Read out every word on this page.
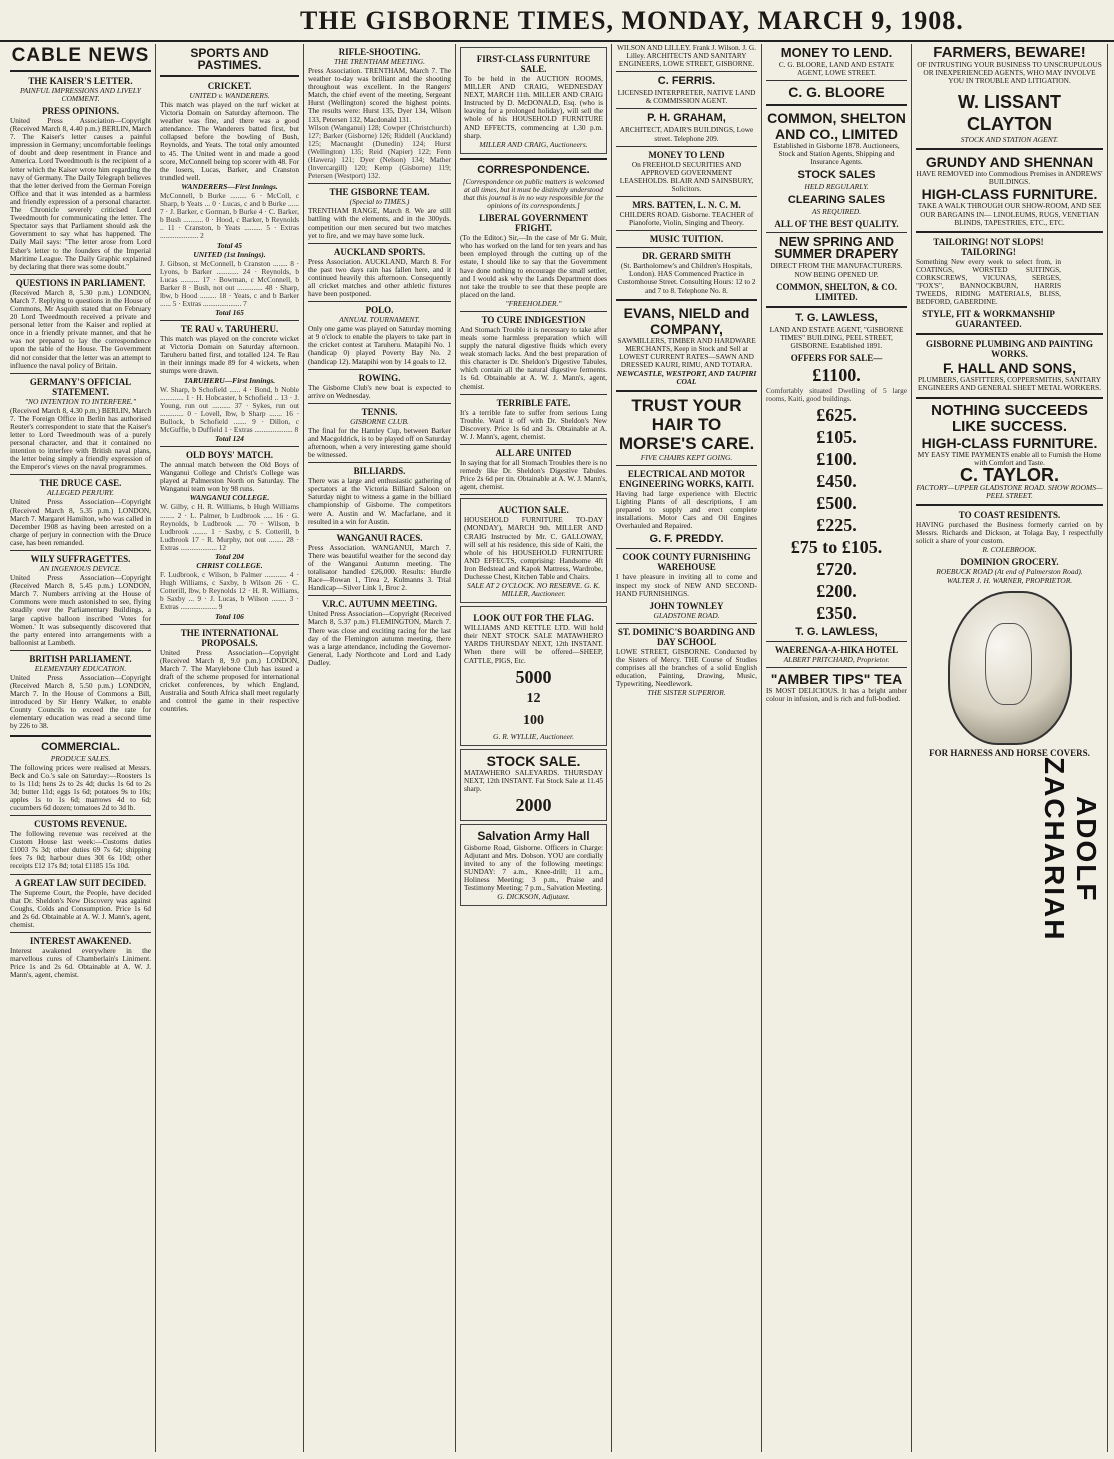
THE GISBORNE TIMES, MONDAY, MARCH 9, 1908.
CABLE NEWS
THE KAISER'S LETTER.
PAINFUL IMPRESSIONS AND LIVELY COMMENT.
PRESS OPINIONS.

United Press Association—Copyright (Received March 8, 4.40 p.m.) BERLIN, March 7. The Kaiser's letter causes a painful impression in Germany; uncomfortable feelings of doubt and deep resentment in France and America. Lord Tweedmouth is the recipient of a letter which the Kaiser wrote him regarding the navy of Germany. The Daily Telegraph believes that the letter derived from the German Foreign Office and that it was intended as a harmless and friendly expression of a personal character. The Chronicle severely criticised Lord Tweedmouth for communicating the letter. The Spectator says that Parliament should ask the Government to say what has happened. The Daily Mail says: "The letter arose from Lord Esher's letter to the founders of the Imperial Maritime League. The Daily Graphic explained by declaring that there was some doubt."

QUESTIONS IN PARLIAMENT.

(Received March 8, 5.30 p.m.) LONDON, March 7. Replying to questions in the House of Commons, Mr Asquith stated that on February 20 Lord Tweedmouth received a private and personal letter from the Kaiser and replied at once in a friendly private manner, and that he was not prepared to lay the correspondence upon the table of the House. The Government did not consider that the letter was an attempt to influence the naval policy of Britain.

GERMANY'S OFFICIAL STATEMENT.
"NO INTENTION TO INTERFERE."

(Received March 8, 4.30 p.m.) BERLIN, March 7. The Foreign Office in Berlin has authorised Reuter's correspondent to state that the Kaiser's letter to Lord Tweedmouth was of a purely personal character, and that it contained no intention to interfere with British naval plans, the letter being simply a friendly expression of the Emperor's views on the naval programmes.

THE DRUCE CASE.
ALLEGED PERJURY.

United Press Association—Copyright (Received March 8, 5.35 p.m.) LONDON, March 7. Margaret Hamilton, who was called in December 1908 as having been arrested on a charge of perjury in connection with the Druce case, has been remanded.

WILY SUFFRAGETTES.
AN INGENIOUS DEVICE.

United Press Association—Copyright (Received March 8, 5.45 p.m.) LONDON, March 7. Numbers arriving at the House of Commons were much astonished to see, flying steadily over the Parliamentary Buildings, a large captive balloon inscribed 'Votes for Women.' It was subsequently discovered that the party entered into arrangements with a balloonist at Lambeth.

BRITISH PARLIAMENT.
ELEMENTARY EDUCATION.

United Press Association—Copyright (Received March 8, 5.50 p.m.) LONDON, March 7. In the House of Commons a Bill, introduced by Sir Henry Walker, to enable County Councils to exceed the rate for elementary education was read a second time by 226 to 38.

COMMERCIAL.
PRODUCE SALES.

The following prices were realised at Messrs. Beck and Co.'s sale on Saturday:—Roosters 1s to 1s 11d; hens 2s to 2s 4d; ducks 1s 6d to 2s 3d; butter 11d; eggs 1s 6d; potatoes 9s to 10s; apples 1s to 1s 6d; marrows 4d to 6d; cucumbers 6d dozen; tomatoes 2d to 3d lb.

CUSTOMS REVENUE.

The following revenue was received at the Custom House last week:—Customs duties £1003 7s 3d; other duties 69 7s 6d; shipping fees 7s 0d; harbour dues 30l 6s 10d; other receipts £12 17s 8d; total £1185 15s 10d.

A GREAT LAW SUIT DECIDED.

The Supreme Court, the People, have decided that Dr. Sheldon's New Discovery was against Coughs, Colds and Consumption. Price 1s 6d and 2s 6d. Obtainable at A. W. J. Mann's, agent, chemist.

INTEREST AWAKENED.

Interest awakened everywhere in the marvellous cures of Chamberlain's Liniment. Price 1s and 2s 6d. Obtainable at A. W. J. Mann's, agent, chemist.

SPORTS AND PASTIMES.
CRICKET.
UNITED v. WANDERERS.

This match was played on the turf wicket at Victoria Domain on Saturday afternoon. The weather was fine, and there was a good attendance. The Wanderers batted first, but collapsed before the bowling of Bush, Reynolds, and Yeats. The total only amounted to 45. The United went in and made a good score, McConnell being top scorer with 48. For the losers, Lucas, Barker, and Cranston trundled well.

WANDERERS—First Innings.

McConnell, b Burke ......... 6 · McColl, c Sharp, b Yeats ... 0 · Lucas, c and b Burke ...... 7 · J. Barker, c Gorman, b Burke 4 · C. Barker, b Bush ........... 0 · Hood, c Barker, b Reynolds .. 11 · Cranston, b Yeats .......... 5 · Extras ..................... 2

Total 45
UNITED (1st Innings).

J. Gibson, st McConnell, b Cranston ........ 8 · Lyons, b Barker ............ 24 · Reynolds, b Lucas .......... 17 · Bowman, c McConnell, b Barker 8 · Bush, not out .............. 48 · Sharp, lbw, b Hood ......... 18 · Yeats, c and b Barker ...... 5 · Extras ..................... 7

Total 165
TE RAU v. TARUHERU.

This match was played on the concrete wicket at Victoria Domain on Saturday afternoon. Taruheru batted first, and totalled 124. Te Rau in their innings made 89 for 4 wickets, when stumps were drawn.

TARUHERU—First Innings.

W. Sharp, b Schofield ...... 4 · Bond, b Noble ............. 1 · H. Hobcaster, b Schofield .. 13 · J. Young, run out .......... 37 · Sykes, run out ............. 0 · Lovell, lbw, b Sharp ....... 16 · Bullock, b Schofield ....... 9 · Dillon, c McGuffie, b Duffield 1 · Extras ..................... 8

Total 124
OLD BOYS' MATCH.

The annual match between the Old Boys of Wanganui College and Christ's College was played at Palmerston North on Saturday. The Wanganui team won by 98 runs.

WANGANUI COLLEGE.

W. Gilby, c H. R. Williams, b Hugh Williams ........ 2 · L. Palmer, b Ludbrook ..... 16 · G. Reynolds, b Ludbrook .... 70 · Wilson, b Ludbrook ........ 1 · Saxby, c S. Cotterill, b Ludbrook 17 · R. Murphy, not out ........ 28 · Extras .................... 12

Total 204
CHRIST COLLEGE.

F. Ludbrook, c Wilson, b Palmer ............ 4 · Hugh Williams, c Saxby, b Wilson 26 · C. Cotterill, lbw, b Reynolds 12 · H. R. Williams, b Saxby ... 9 · J. Lucas, b Wilson ........ 3 · Extras .................... 9

Total 106
THE INTERNATIONAL PROPOSALS.

United Press Association—Copyright (Received March 8, 9.0 p.m.) LONDON, March 7. The Marylebone Club has issued a draft of the scheme proposed for international cricket conferences, by which England, Australia and South Africa shall meet regularly and control the game in their respective countries.

RIFLE-SHOOTING.
THE TRENTHAM MEETING.

Press Association. TRENTHAM, March 7. The weather to-day was brilliant and the shooting throughout was excellent. In the Rangers' Match, the chief event of the meeting, Sergeant Hurst (Wellington) scored the highest points. The results were: Hurst 135, Dyer 134, Wilson 133, Petersen 132, Macdonald 131.

Wilson (Wanganui) 128; Cowper (Christchurch) 127; Barker (Gisborne) 126; Riddell (Auckland) 125; Macnaught (Dunedin) 124; Hurst (Wellington) 135; Reid (Napier) 122; Fenn (Hawera) 121; Dyer (Nelson) 134; Mather (Invercargill) 120; Kemp (Gisborne) 119; Petersen (Westport) 132.

THE GISBORNE TEAM.
(Special to TIMES.)

TRENTHAM RANGE, March 8. We are still battling with the elements, and in the 300yds. competition our men secured but two matches yet to fire, and we may have some luck.

AUCKLAND SPORTS.

Press Association. AUCKLAND, March 8. For the past two days rain has fallen here, and it continued heavily this afternoon. Consequently all cricket matches and other athletic fixtures have been postponed.

POLO.
ANNUAL TOURNAMENT.

Only one game was played on Saturday morning at 9 o'clock to enable the players to take part in the cricket contest at Taruheru. Matapihi No. 1 (handicap 0) played Poverty Bay No. 2 (handicap 12). Matapihi won by 14 goals to 12.

ROWING.

The Gisborne Club's new boat is expected to arrive on Wednesday.

TENNIS.
GISBORNE CLUB.

The final for the Hamley Cup, between Barker and Macgoldrick, is to be played off on Saturday afternoon, when a very interesting game should be witnessed.

BILLIARDS.

There was a large and enthusiastic gathering of spectators at the Victoria Billiard Saloon on Saturday night to witness a game in the billiard championship of Gisborne. The competitors were A. Austin and W. Macfarlane, and it resulted in a win for Austin.

WANGANUI RACES.

Press Association. WANGANUI, March 7. There was beautiful weather for the second day of the Wanganui Autumn meeting. The totalisator handled £26,000. Results: Hurdle Race—Rowan 1, Tirea 2, Kulmanns 3. Trial Handicap—Silver Link 1, Broc 2.

V.R.C. AUTUMN MEETING.

United Press Association—Copyright (Received March 8, 5.37 p.m.) FLEMINGTON, March 7. There was close and exciting racing for the last day of the Flemington autumn meeting, there was a large attendance, including the Governor-General, Lady Northcote and Lord and Lady Dudley.

FIRST-CLASS FURNITURE SALE.

To be held in the AUCTION ROOMS, MILLER AND CRAIG, WEDNESDAY NEXT, MARCH 11th. MILLER AND CRAIG Instructed by D. McDONALD, Esq. (who is leaving for a prolonged holiday), will sell the whole of his HOUSEHOLD FURNITURE AND EFFECTS, commencing at 1.30 p.m. sharp.

MILLER AND CRAIG, Auctioneers.
CORRESPONDENCE.

[Correspondence on public matters is welcomed at all times, but it must be distinctly understood that this journal is in no way responsible for the opinions of its correspondents.]

LIBERAL GOVERNMENT FRIGHT.

(To the Editor.) Sir,—In the case of Mr G. Muir, who has worked on the land for ten years and has been employed through the cutting up of the estate, I should like to say that the Government have done nothing to encourage the small settler, and I would ask why the Lands Department does not take the trouble to see that these people are placed on the land.

"FREEHOLDER."
TO CURE INDIGESTION

And Stomach Trouble it is necessary to take after meals some harmless preparation which will supply the natural digestive fluids which every weak stomach lacks. And the best preparation of this character is Dr. Sheldon's Digestive Tabules, which contain all the natural digestive ferments. 1s 6d. Obtainable at A. W. J. Mann's, agent, chemist.

TERRIBLE FATE.

It's a terrible fate to suffer from serious Lung Trouble. Ward it off with Dr. Sheldon's New Discovery. Price 1s 6d and 3s. Obtainable at A. W. J. Mann's, agent, chemist.

ALL ARE UNITED

In saying that for all Stomach Troubles there is no remedy like Dr. Sheldon's Digestive Tabules. Price 2s 6d per tin. Obtainable at A. W. J. Mann's, agent, chemist.

AUCTION SALE.

HOUSEHOLD FURNITURE TO-DAY (MONDAY), MARCH 9th. MILLER AND CRAIG Instructed by Mr. C. GALLOWAY, will sell at his residence, this side of Kaiti, the whole of his HOUSEHOLD FURNITURE AND EFFECTS, comprising: Handsome 4ft Iron Bedstead and Kapok Mattress, Wardrobe, Duchesse Chest, Kitchen Table and Chairs.

SALE AT 2 O'CLOCK. NO RESERVE. G. K. MILLER, Auctioneer.
LOOK OUT FOR THE FLAG.

WILLIAMS AND KETTLE LTD. Will hold their NEXT STOCK SALE MATAWHERO YARDS THURSDAY NEXT, 12th INSTANT. When there will be offered—SHEEP, CATTLE, PIGS, Etc.

5000
12
100
G. R. WYLLIE, Auctioneer.
STOCK SALE.

MATAWHERO SALEYARDS. THURSDAY NEXT, 12th INSTANT. Fat Stock Sale at 11.45 sharp.

2000
Salvation Army Hall

Gisborne Road, Gisborne. Officers in Charge: Adjutant and Mrs. Dobson. YOU are cordially invited to any of the following meetings: SUNDAY: 7 a.m., Knee-drill; 11 a.m., Holiness Meeting; 3 p.m., Praise and Testimony Meeting; 7 p.m., Salvation Meeting.

G. DICKSON, Adjutant.

WILSON AND LILLEY. Frank J. Wilson. J. G. Lilley. ARCHITECTS AND SANITARY ENGINEERS, LOWE STREET, GISBORNE.

C. FERRIS.

LICENSED INTERPRETER, NATIVE LAND & COMMISSION AGENT.

P. H. GRAHAM,

ARCHITECT, ADAIR'S BUILDINGS, Lowe street. Telephone 209.

MONEY TO LEND

On FREEHOLD SECURITIES AND APPROVED GOVERNMENT LEASEHOLDS. BLAIR AND SAINSBURY, Solicitors.

MRS. BATTEN, L. N. C. M.

CHILDERS ROAD. Gisborne. TEACHER of Pianoforte, Violin, Singing and Theory.

MUSIC TUITION.
DR. GERARD SMITH

(St. Bartholomew's and Children's Hospitals, London). HAS Commenced Practice in Customhouse Street. Consulting Hours: 12 to 2 and 7 to 8. Telephone No. 8.

EVANS, NIELD and COMPANY,

SAWMILLERS, TIMBER AND HARDWARE MERCHANTS, Keep in Stock and Sell at LOWEST CURRENT RATES—SAWN AND DRESSED KAURI, RIMU, AND TOTARA.

NEWCASTLE, WESTPORT, AND TAUPIRI COAL
TRUST YOUR HAIR TO MORSE'S CARE.
FIVE CHAIRS KEPT GOING.
ELECTRICAL AND MOTOR ENGINEERING WORKS, KAITI.

Having had large experience with Electric Lighting Plants of all descriptions, I am prepared to supply and erect complete installations. Motor Cars and Oil Engines Overhauled and Repaired.

G. F. PREDDY.
COOK COUNTY FURNISHING WAREHOUSE

I have pleasure in inviting all to come and inspect my stock of NEW AND SECOND-HAND FURNISHINGS.

JOHN TOWNLEY
GLADSTONE ROAD.
ST. DOMINIC'S BOARDING AND DAY SCHOOL

LOWE STREET, GISBORNE. Conducted by the Sisters of Mercy. THE Course of Studies comprises all the branches of a solid English education, Painting, Drawing, Music, Typewriting, Needlework.

THE SISTER SUPERIOR.
MONEY TO LEND.

C. G. BLOORE, LAND AND ESTATE AGENT, LOWE STREET.

C. G. BLOORE
COMMON, SHELTON AND CO., LIMITED

Established in Gisborne 1878. Auctioneers, Stock and Station Agents, Shipping and Insurance Agents.

STOCK SALES
HELD REGULARLY.
CLEARING SALES
AS REQUIRED.
ALL OF THE BEST QUALITY.
NEW SPRING AND SUMMER DRAPERY

DIRECT FROM THE MANUFACTURERS. NOW BEING OPENED UP.

COMMON, SHELTON, & CO. LIMITED.
T. G. LAWLESS,

LAND AND ESTATE AGENT, "GISBORNE TIMES" BUILDING, PEEL STREET, GISBORNE. Established 1891.

OFFERS FOR SALE—
£1100.

Comfortably situated Dwelling of 5 large rooms, Kaiti, good buildings.

£625.
£105.
£100.
£450.
£500.
£225.
£75 to £105.
£720.
£200.
£350.
T. G. LAWLESS,
WAERENGA-A-HIKA HOTEL
ALBERT PRITCHARD, Proprietor.
"AMBER TIPS" TEA

IS MOST DELICIOUS. It has a bright amber colour in infusion, and is rich and full-bodied.

FARMERS, BEWARE!

OF INTRUSTING YOUR BUSINESS TO UNSCRUPULOUS OR INEXPERIENCED AGENTS, WHO MAY INVOLVE YOU IN TROUBLE AND LITIGATION.

W. LISSANT CLAYTON
STOCK AND STATION AGENT.
GRUNDY AND SHENNAN

HAVE REMOVED into Commodious Premises in ANDREWS' BUILDINGS.

HIGH-CLASS FURNITURE.

TAKE A WALK THROUGH OUR SHOW-ROOM, AND SEE OUR BARGAINS IN— LINOLEUMS, RUGS, VENETIAN BLINDS, TAPESTRIES, ETC., ETC.

TAILORING! NOT SLOPS! TAILORING!

Something New every week to select from, in COATINGS, WORSTED SUITINGS, CORKSCREWS, VICUNAS, SERGES, "FOX'S", BANNOCKBURN, HARRIS TWEEDS, RIDING MATERIALS, BLISS, BEDFORD, GABERDINE.

STYLE, FIT & WORKMANSHIP GUARANTEED.
GISBORNE PLUMBING AND PAINTING WORKS.
F. HALL AND SONS,

PLUMBERS, GASFITTERS, COPPERSMITHS, SANITARY ENGINEERS AND GENERAL SHEET METAL WORKERS.

NOTHING SUCCEEDS LIKE SUCCESS.
HIGH-CLASS FURNITURE.

MY EASY TIME PAYMENTS enable all to Furnish the Home with Comfort and Taste.

C. TAYLOR.
FACTORY—UPPER GLADSTONE ROAD. SHOW ROOMS—PEEL STREET.
TO COAST RESIDENTS.

HAVING purchased the Business formerly carried on by Messrs. Richards and Dickson, at Tolaga Bay, I respectfully solicit a share of your custom.

R. COLEBROOK.
DOMINION GROCERY.
ROEBUCK ROAD (At end of Palmerston Road).
WALTER J. H. WARNER, PROPRIETOR.
FOR HARNESS AND HORSE COVERS.
ADOLF ZACHARIAH
